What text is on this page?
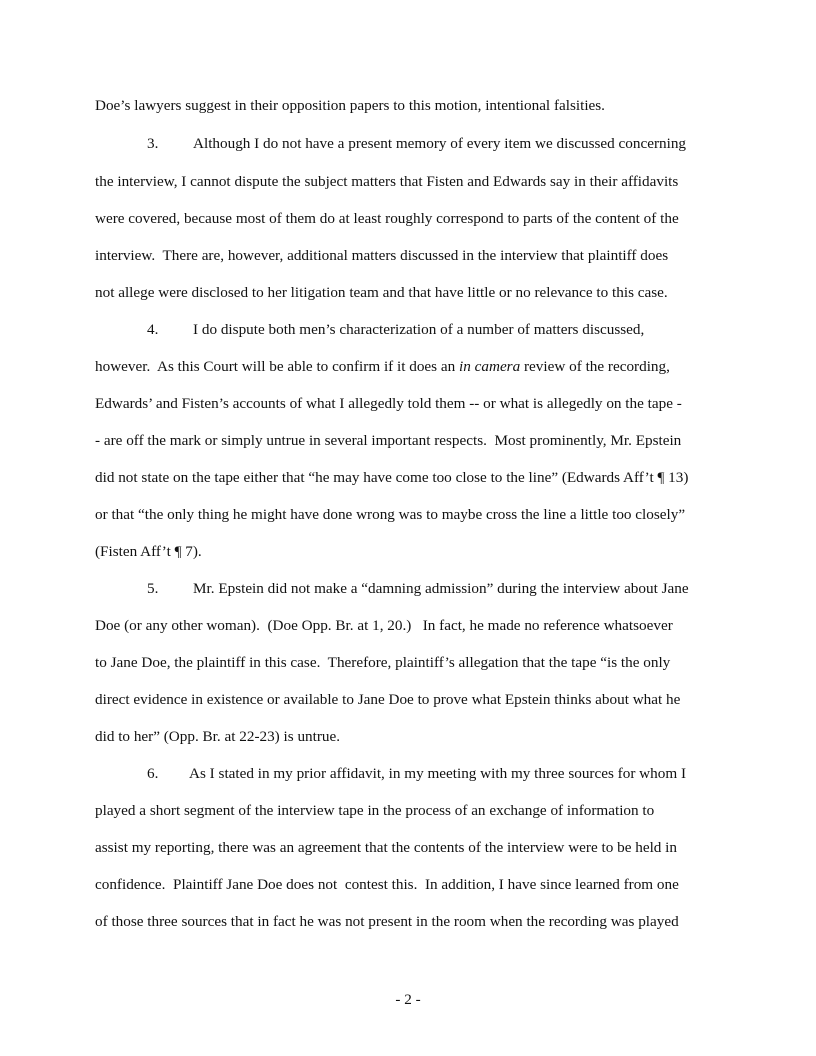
Doe’s lawyers suggest in their opposition papers to this motion, intentional falsities.
3. Although I do not have a present memory of every item we discussed concerning
the interview, I cannot dispute the subject matters that Fisten and Edwards say in their affidavits
were covered, because most of them do at least roughly correspond to parts of the content of the
interview.  There are, however, additional matters discussed in the interview that plaintiff does
not allege were disclosed to her litigation team and that have little or no relevance to this case.
4. I do dispute both men’s characterization of a number of matters discussed,
however.  As this Court will be able to confirm if it does an in camera review of the recording,
Edwards’ and Fisten’s accounts of what I allegedly told them -- or what is allegedly on the tape -
- are off the mark or simply untrue in several important respects.  Most prominently, Mr. Epstein
did not state on the tape either that “he may have come too close to the line” (Edwards Aff’t ¶ 13)
or that “the only thing he might have done wrong was to maybe cross the line a little too closely”
(Fisten Aff’t ¶ 7).
5. Mr. Epstein did not make a “damning admission” during the interview about Jane
Doe (or any other woman).  (Doe Opp. Br. at 1, 20.)   In fact, he made no reference whatsoever
to Jane Doe, the plaintiff in this case.  Therefore, plaintiff’s allegation that the tape “is the only
direct evidence in existence or available to Jane Doe to prove what Epstein thinks about what he
did to her” (Opp. Br. at 22-23) is untrue.
6. As I stated in my prior affidavit, in my meeting with my three sources for whom I
played a short segment of the interview tape in the process of an exchange of information to
assist my reporting, there was an agreement that the contents of the interview were to be held in
confidence.  Plaintiff Jane Doe does not  contest this.  In addition, I have since learned from one
of those three sources that in fact he was not present in the room when the recording was played
- 2 -
